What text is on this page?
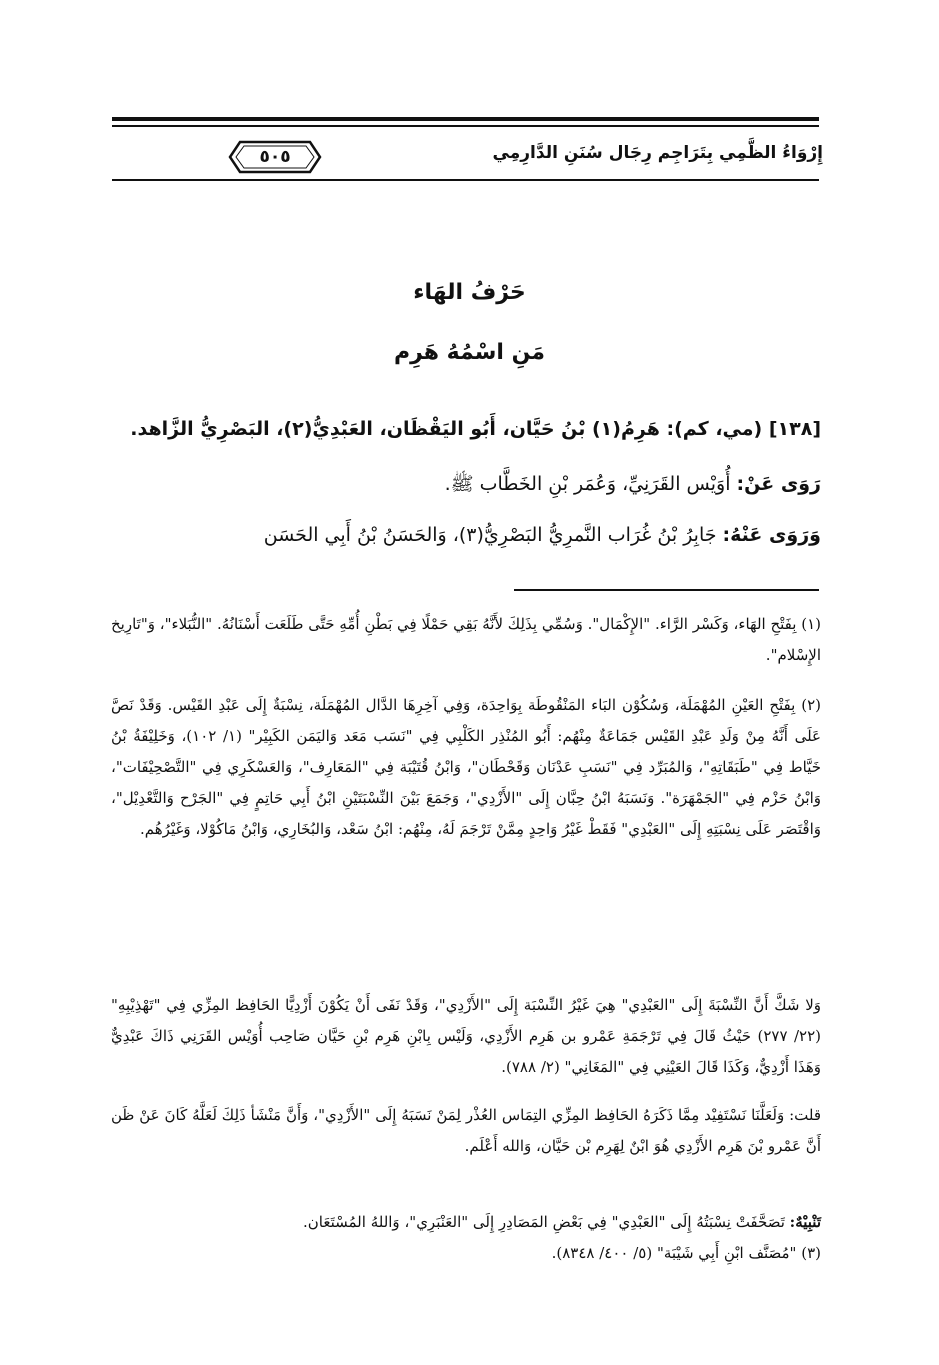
٥٠٥	إِرْوَاءُ الظَّمِي بِتَرَاجِم رِجَال سُنَنِ الدَّارِمِي
حَرْفُ الهَاء
مَنِ اسْمُهُ هَرِم
[١٣٨] (مي، كم): هَرِمُ(١) بْنُ حَيَّان، أَبُو اليَقْظَان، العَبْدِيُّ(٢)، البَصْرِيُّ الزَّاهد.
رَوَى عَنْ: أُوَيْس القَرَنِيِّ، وَعُمَر بْنِ الخَطَّاب ﷺ.
وَرَوَى عَنْهُ: جَابِرُ بْنُ غُرَاب النَّمرِيُّ البَصْرِيُّ(٣)، وَالحَسَنُ بْنُ أَبِي الحَسَن
(١) بِفَتْحِ الهَاء، وَكَسْر الرَّاء. "الإِكْمَال". وَسُمِّي بِذَلِكَ لأَنَّهُ بَقِي حَمْلًا فِي بَطْنِ أُمِّهِ حَتَّى طَلَعَت أَسْنَانُهُ. "النُّبَلاء"، وَ"تَارِيخ الإِسْلام".
(٢) بِفَتْحِ العَيْنِ المُهْمَلَة، وَسُكُوْن البَاء المَنْقُوطَة بِوَاحِدَة، وَفِي آخِرِهَا الدَّال المُهْمَلَة، نِسْبَةٌ إِلَى عَبْدِ القَيْس. وَقَدْ نَصَّ عَلَى أَنَّهُ مِنْ وَلَدِ عَبْدِ القَيْس جَمَاعَةٌ مِنْهُم: أَبُو المُنْذِر الكَلْبِي فِي "نَسَب مَعَد وَاليَمَن الكَبِيْر" (١/ ١٠٢)، وَخَلِيْفَةُ بْنُ خَيَّاط فِي "طَبَقَاتِهِ"، وَالمُبَرِّد فِي "نَسَبِ عَدْنَان وَقَحْطَان"، وَابْنُ قُتَيْبَة فِي "المَعَارِف"، وَالعَسْكَرِي فِي "التَّصْحِيْفَات"، وَابْنُ حَزْم فِي "الجَمْهَرَة". وَنَسَبَهُ ابْنُ حِبَّان إِلَى "الأَزْدِي"، وَجَمَعَ بَيْنَ النِّسْبَتَيْنِ ابْنُ أَبِي حَاتِمٍ فِي "الجَرْح وَالتَّعْدِيْل"، وَاقْتَصَر عَلَى نِسْبَتِهِ إِلَى "العَبْدِي" فَقَطْ غَيْرُ وَاحِدٍ مِمَّنْ تَرْجَمَ لَهُ، مِنْهُم: ابْنُ سَعْد، وَالبُخَارِي، وَابْنُ مَاكُوْلا، وَغَيْرُهُم.
وَلا شَكَّ أَنَّ النِّسْبَةَ إِلَى "العَبْدِي" هِيَ غَيْرُ النِّسْبَة إِلَى "الأَزْدِي"، وَقَدْ نَفَى أَنْ يَكُوْنَ أَزْدِيًّا الحَافِظ المِزِّي فِي "تَهْذِيْبِهِ" (٢٢/ ٢٧٧) حَيْثُ قَالَ فِي تَرْجَمَةِ عَمْرو بن هَرِم الأَزْدِي، وَلَيْس بِابْنِ هَرِم بْنِ حَيَّان صَاحِب أُوَيْس القَرَنِي ذَاكَ عَبْدِيٌّ وَهَذَا أَزْدِيٌّ، وَكَذَا قَالَ العَيْنِي فِي "المَغَانِي" (٢/ ٧٨٨).
قلت: وَلَعَلَّنَا نَسْتَفِيْد مِمَّا ذَكَرَهُ الحَافِظ المِزِّي التِمَاس العُذْر لِمَنْ نَسَبَهُ إِلَى "الأَزْدِي"، وَأَنَّ مَنْشَأ ذَلِكَ لَعَلَّهُ كَانَ عَنْ ظَن أَنَّ عَمْرو بْنَ هَرِم الأَزْدِي هُوَ ابْنٌ لِهَرِم بْن حَيَّان، وَالله أَعْلَم.
تَنْبِيْهٌ: تَصَحَّفَتْ نِسْبَتُهُ إِلَى "العَبْدِي" فِي بَعْضِ المَصَادِرِ إِلَى "العَنْبَرِي"، وَاللهُ المُسْتَعَان.
(٣) "مُصَنَّف ابْنِ أَبِي شَيْبَة" (٥/ ٤٠٠/ ٨٣٤٨).
